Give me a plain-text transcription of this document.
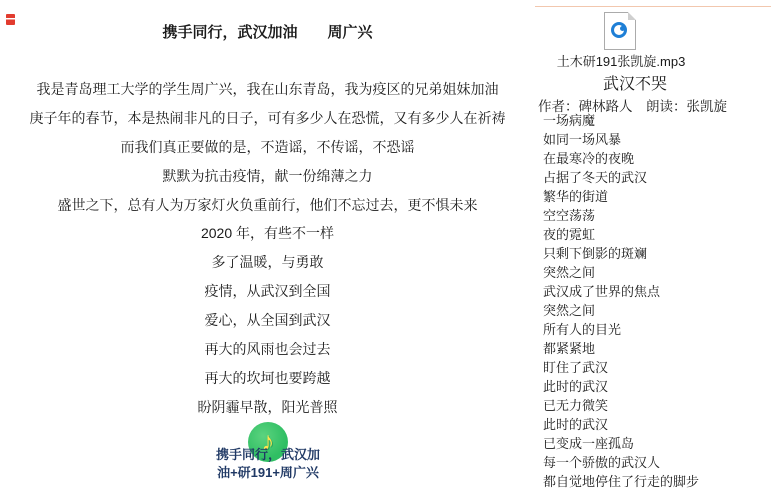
携手同行，武汉加油　　周广兴
我是青岛理工大学的学生周广兴，我在山东青岛，我为疫区的兄弟姐妹加油
庚子年的春节，本是热闹非凡的日子，可有多少人在恐慌，又有多少人在祈祷
而我们真正要做的是，不造谣，不传谣，不恐谣
默默为抗击疫情，献一份绵薄之力
盛世之下，总有人为万家灯火负重前行，他们不忘过去，更不惧未来
2020 年，有些不一样
多了温暖，与勇敢
疫情，从武汉到全国
爱心，从全国到武汉
再大的风雨也会过去
再大的坎坷也要跨越
盼阴霾早散，阳光普照
♪
携手同行，武汉加
油+研191+周广兴
土木研191张凯旋.mp3
武汉不哭
作者：碑林路人　朗读：张凯旋
一场病魔
如同一场风暴
在最寒冷的夜晚
占据了冬天的武汉
繁华的街道
空空荡荡
夜的霓虹
只剩下倒影的斑斓
突然之间
武汉成了世界的焦点
突然之间
所有人的目光
都紧紧地
盯住了武汉
此时的武汉
已无力微笑
此时的武汉
已变成一座孤岛
每一个骄傲的武汉人
都自觉地停住了行走的脚步
